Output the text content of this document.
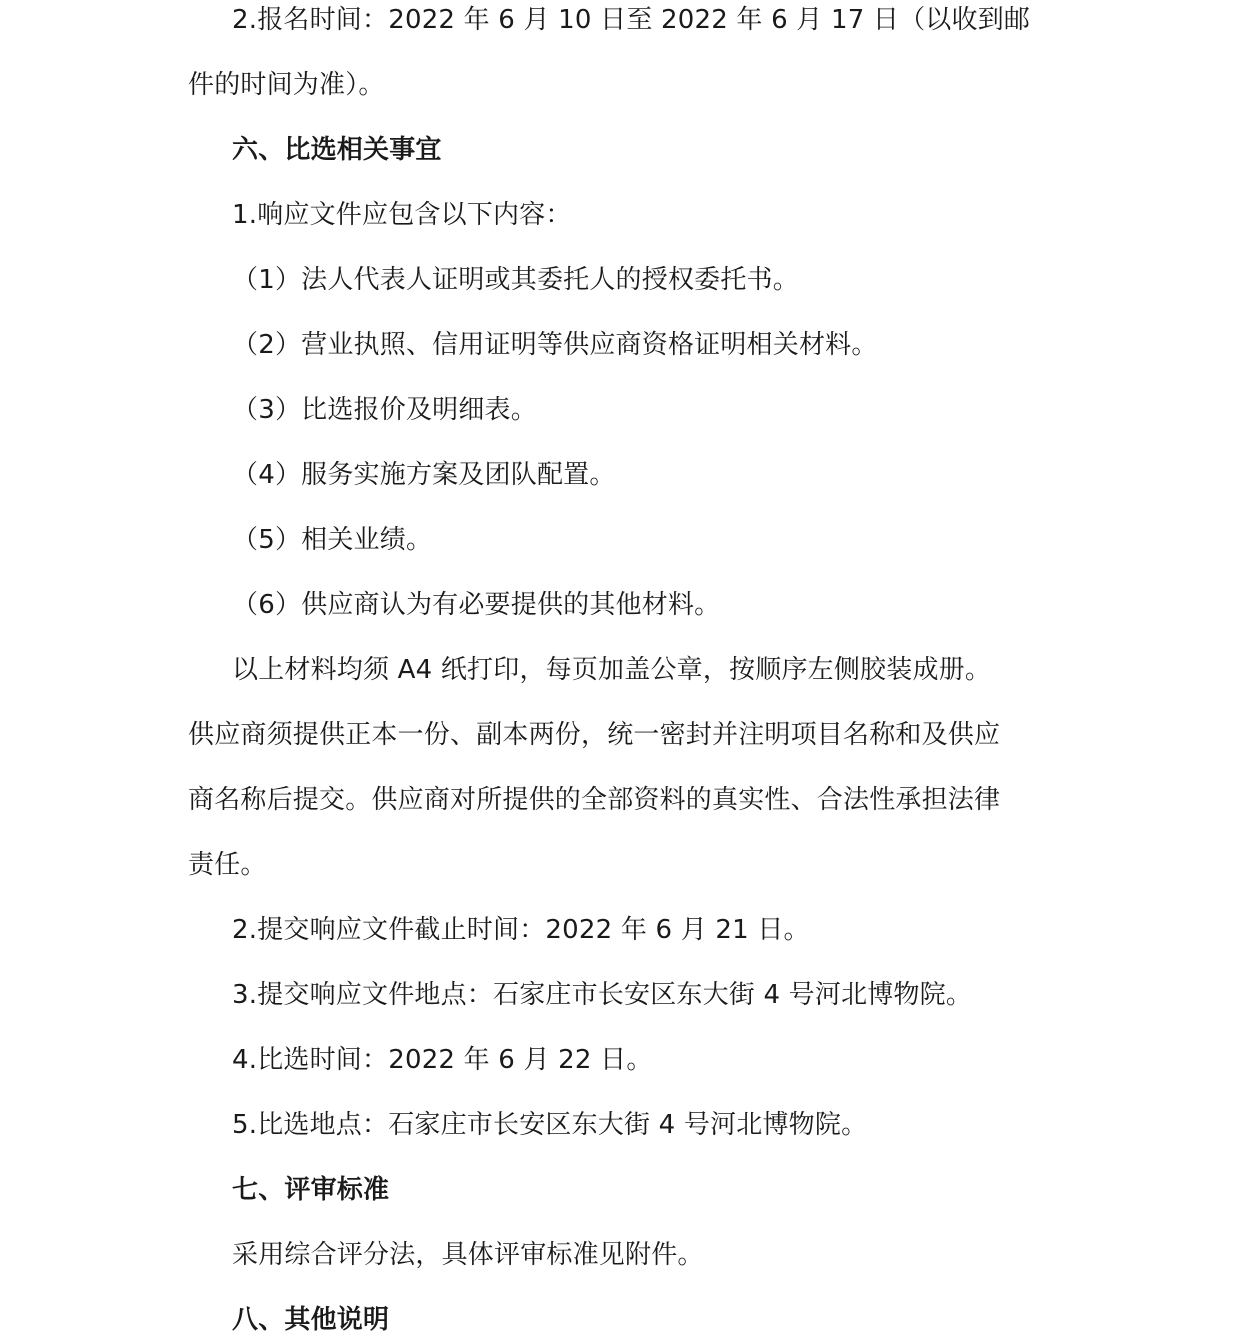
2.报名时间：2022 年 6 月 10 日至 2022 年 6 月 17 日（以收到邮
件的时间为准）。
六、比选相关事宜
1.响应文件应包含以下内容：
（1）法人代表人证明或其委托人的授权委托书。
（2）营业执照、信用证明等供应商资格证明相关材料。
（3）比选报价及明细表。
（4）服务实施方案及团队配置。
（5）相关业绩。
（6）供应商认为有必要提供的其他材料。
以上材料均须 A4 纸打印，每页加盖公章，按顺序左侧胶装成册。
供应商须提供正本一份、副本两份，统一密封并注明项目名称和及供应
商名称后提交。供应商对所提供的全部资料的真实性、合法性承担法律
责任。
2.提交响应文件截止时间：2022 年 6 月 21 日。
3.提交响应文件地点：石家庄市长安区东大街 4 号河北博物院。
4.比选时间：2022 年 6 月 22 日。
5.比选地点：石家庄市长安区东大街 4 号河北博物院。
七、评审标准
采用综合评分法，具体评审标准见附件。
八、其他说明
